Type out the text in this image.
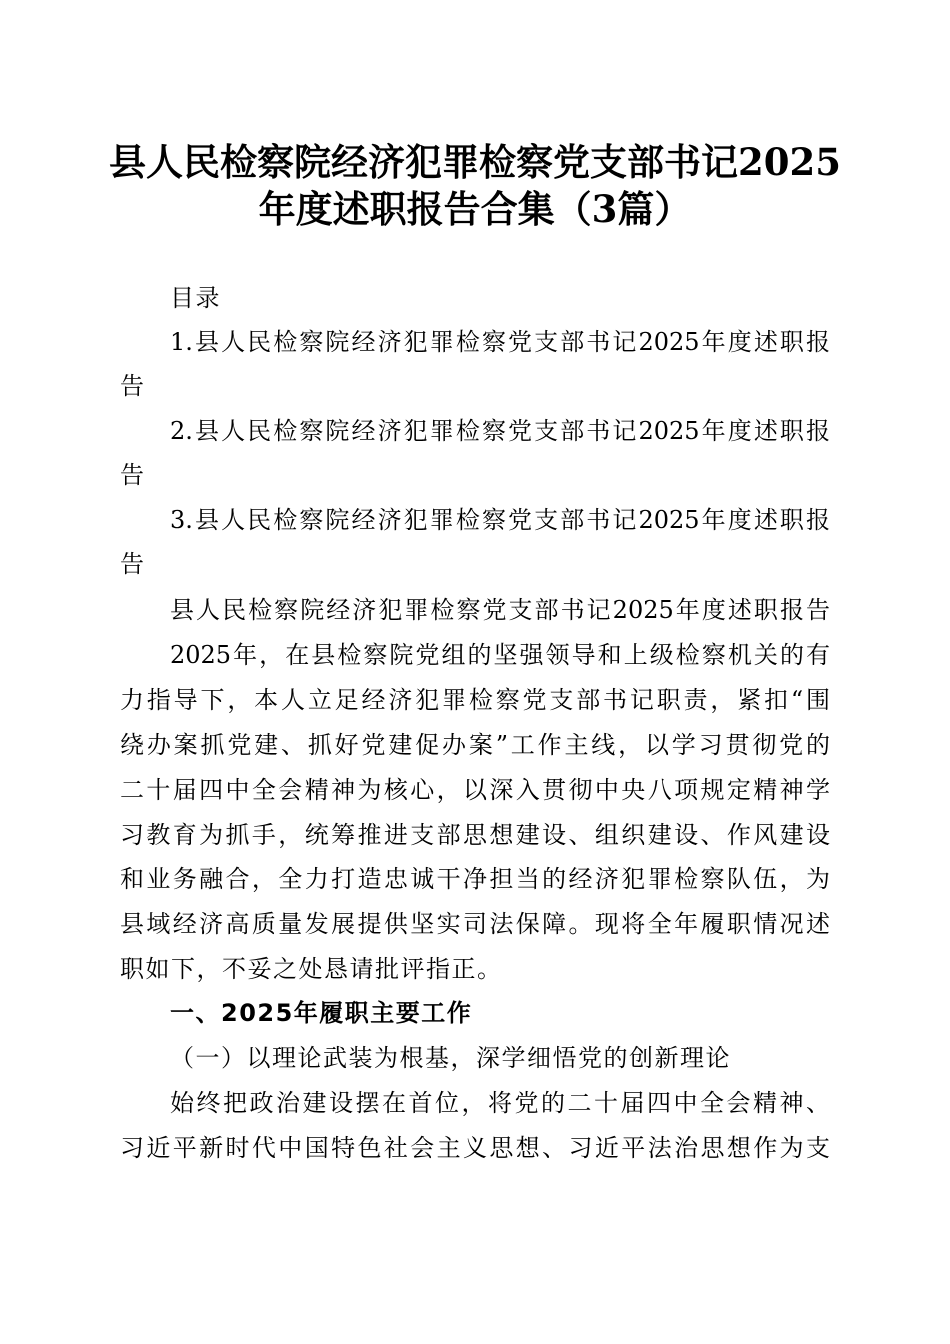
县人民检察院经济犯罪检察党支部书记2025
年度述职报告合集（3篇）
目录
1.县人民检察院经济犯罪检察党支部书记2025年度述职报
告
2.县人民检察院经济犯罪检察党支部书记2025年度述职报
告
3.县人民检察院经济犯罪检察党支部书记2025年度述职报
告
县人民检察院经济犯罪检察党支部书记2025年度述职报告
2025年，在县检察院党组的坚强领导和上级检察机关的有
力指导下，本人立足经济犯罪检察党支部书记职责，紧扣“围
绕办案抓党建、抓好党建促办案”工作主线，以学习贯彻党的
二十届四中全会精神为核心，以深入贯彻中央八项规定精神学
习教育为抓手，统筹推进支部思想建设、组织建设、作风建设
和业务融合，全力打造忠诚干净担当的经济犯罪检察队伍，为
县域经济高质量发展提供坚实司法保障。现将全年履职情况述
职如下，不妥之处恳请批评指正。
一、2025年履职主要工作
（一）以理论武装为根基，深学细悟党的创新理论
始终把政治建设摆在首位，将党的二十届四中全会精神、
习近平新时代中国特色社会主义思想、习近平法治思想作为支
